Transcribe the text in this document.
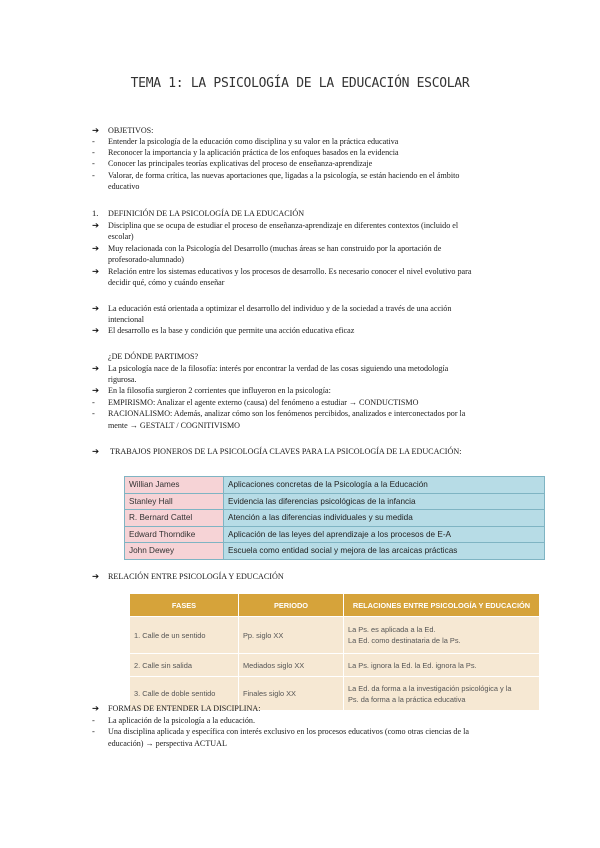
TEMA 1: LA PSICOLOGÍA DE LA EDUCACIÓN ESCOLAR
➔	OBJETIVOS:
-	Entender la psicología de la educación como disciplina y su valor en la práctica educativa
-	Reconocer la importancia y la aplicación práctica de los enfoques basados en la evidencia
-	Conocer las principales teorías explicativas del proceso de enseñanza-aprendizaje
-	Valorar, de forma crítica, las nuevas aportaciones que, ligadas a la psicología, se están haciendo en el ámbito
educativo
1.	DEFINICIÓN DE LA PSICOLOGÍA DE LA EDUCACIÓN
➔	Disciplina que se ocupa de estudiar el proceso de enseñanza-aprendizaje en diferentes contextos (incluido el
escolar)
➔	Muy relacionada con la Psicología del Desarrollo (muchas áreas se han construido por la aportación de
profesorado-alumnado)
➔	Relación entre los sistemas educativos y los procesos de desarrollo. Es necesario conocer el nivel evolutivo para
decidir qué, cómo y cuándo enseñar
➔	La educación está orientada a optimizar el desarrollo del individuo y de la sociedad a través de una acción
intencional
➔	El desarrollo es la base y condición que permite una acción educativa eficaz
¿DE DÓNDE PARTIMOS?
➔	La psicología nace de la filosofía: interés por encontrar la verdad de las cosas siguiendo una metodología
rigurosa.
➔	En la filosofía surgieron 2 corrientes que influyeron en la psicología:
-	EMPIRISMO: Analizar el agente externo (causa) del fenómeno a estudiar → CONDUCTISMO
-	RACIONALISMO: Además, analizar cómo son los fenómenos percibidos, analizados e interconectados por la
mente → GESTALT / COGNITIVISMO
➔	TRABAJOS PIONEROS DE LA PSICOLOGÍA CLAVES PARA LA PSICOLOGÍA DE LA EDUCACIÓN:
Willian James	Aplicaciones concretas de la Psicología a la Educación
Stanley Hall	Evidencia las diferencias psicológicas de la infancia
R. Bernard Cattel	Atención a las diferencias individuales y su medida
Edward Thorndike	Aplicación de las leyes del aprendizaje a los procesos de E-A
John Dewey	Escuela como entidad social y mejora de las arcaicas prácticas
➔	RELACIÓN ENTRE PSICOLOGÍA Y EDUCACIÓN
FASES	PERIODO	RELACIONES ENTRE PSICOLOGÍA Y EDUCACIÓN
1. Calle de un sentido	Pp. siglo XX	La Ps. es aplicada a la Ed.
La Ed. como destinataria de la Ps.

2. Calle sin salida	Mediados siglo XX	La Ps. ignora la Ed. la Ed. ignora la Ps.

3. Calle de doble sentido	Finales siglo XX	La Ed. da forma a la investigación psicológica y la
Ps. da forma a la práctica educativa
➔	FORMAS DE ENTENDER LA DISCIPLINA:
-	La aplicación de la psicología a la educación.
-	Una disciplina aplicada y específica con interés exclusivo en los procesos educativos (como otras ciencias de la
educación) → perspectiva ACTUAL
